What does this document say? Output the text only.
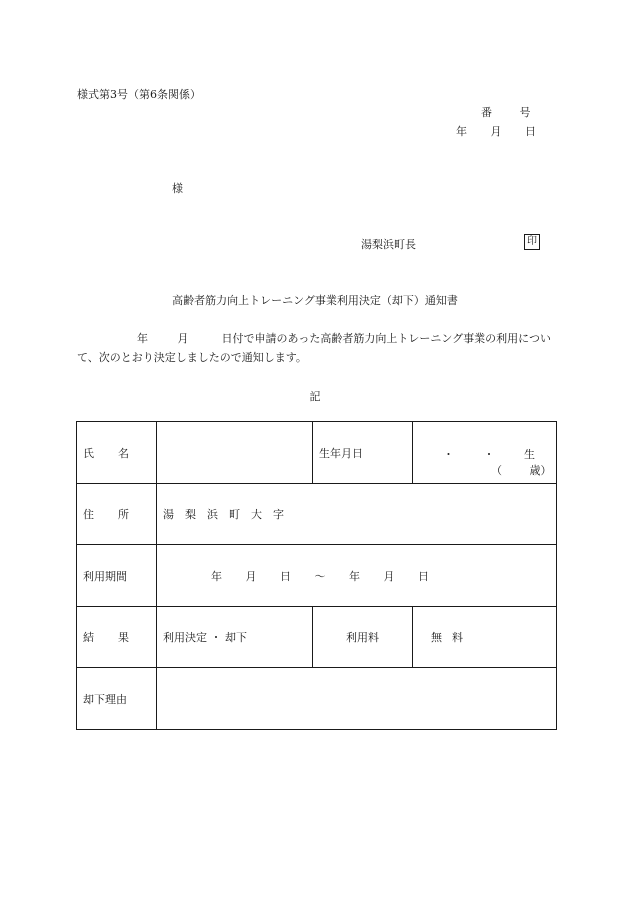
様式第3号（第6条関係）
番 号
年 月 日
様
湯梨浜町長	印
高齢者筋力向上トレーニング事業利用決定（却下）通知書
年 月　　　	日付で申請のあった高齢者筋力向上トレーニング事業の利用について、次のとおり決定しましたので通知します。
記
氏名		生年月日	・ ・ 生
（ 歳）

住所	湯梨浜町大字		
利用期間	年 月 日 ～ 年 月 日		
結果	利用決定 ・ 却下	利用料	無料
却下理由			
